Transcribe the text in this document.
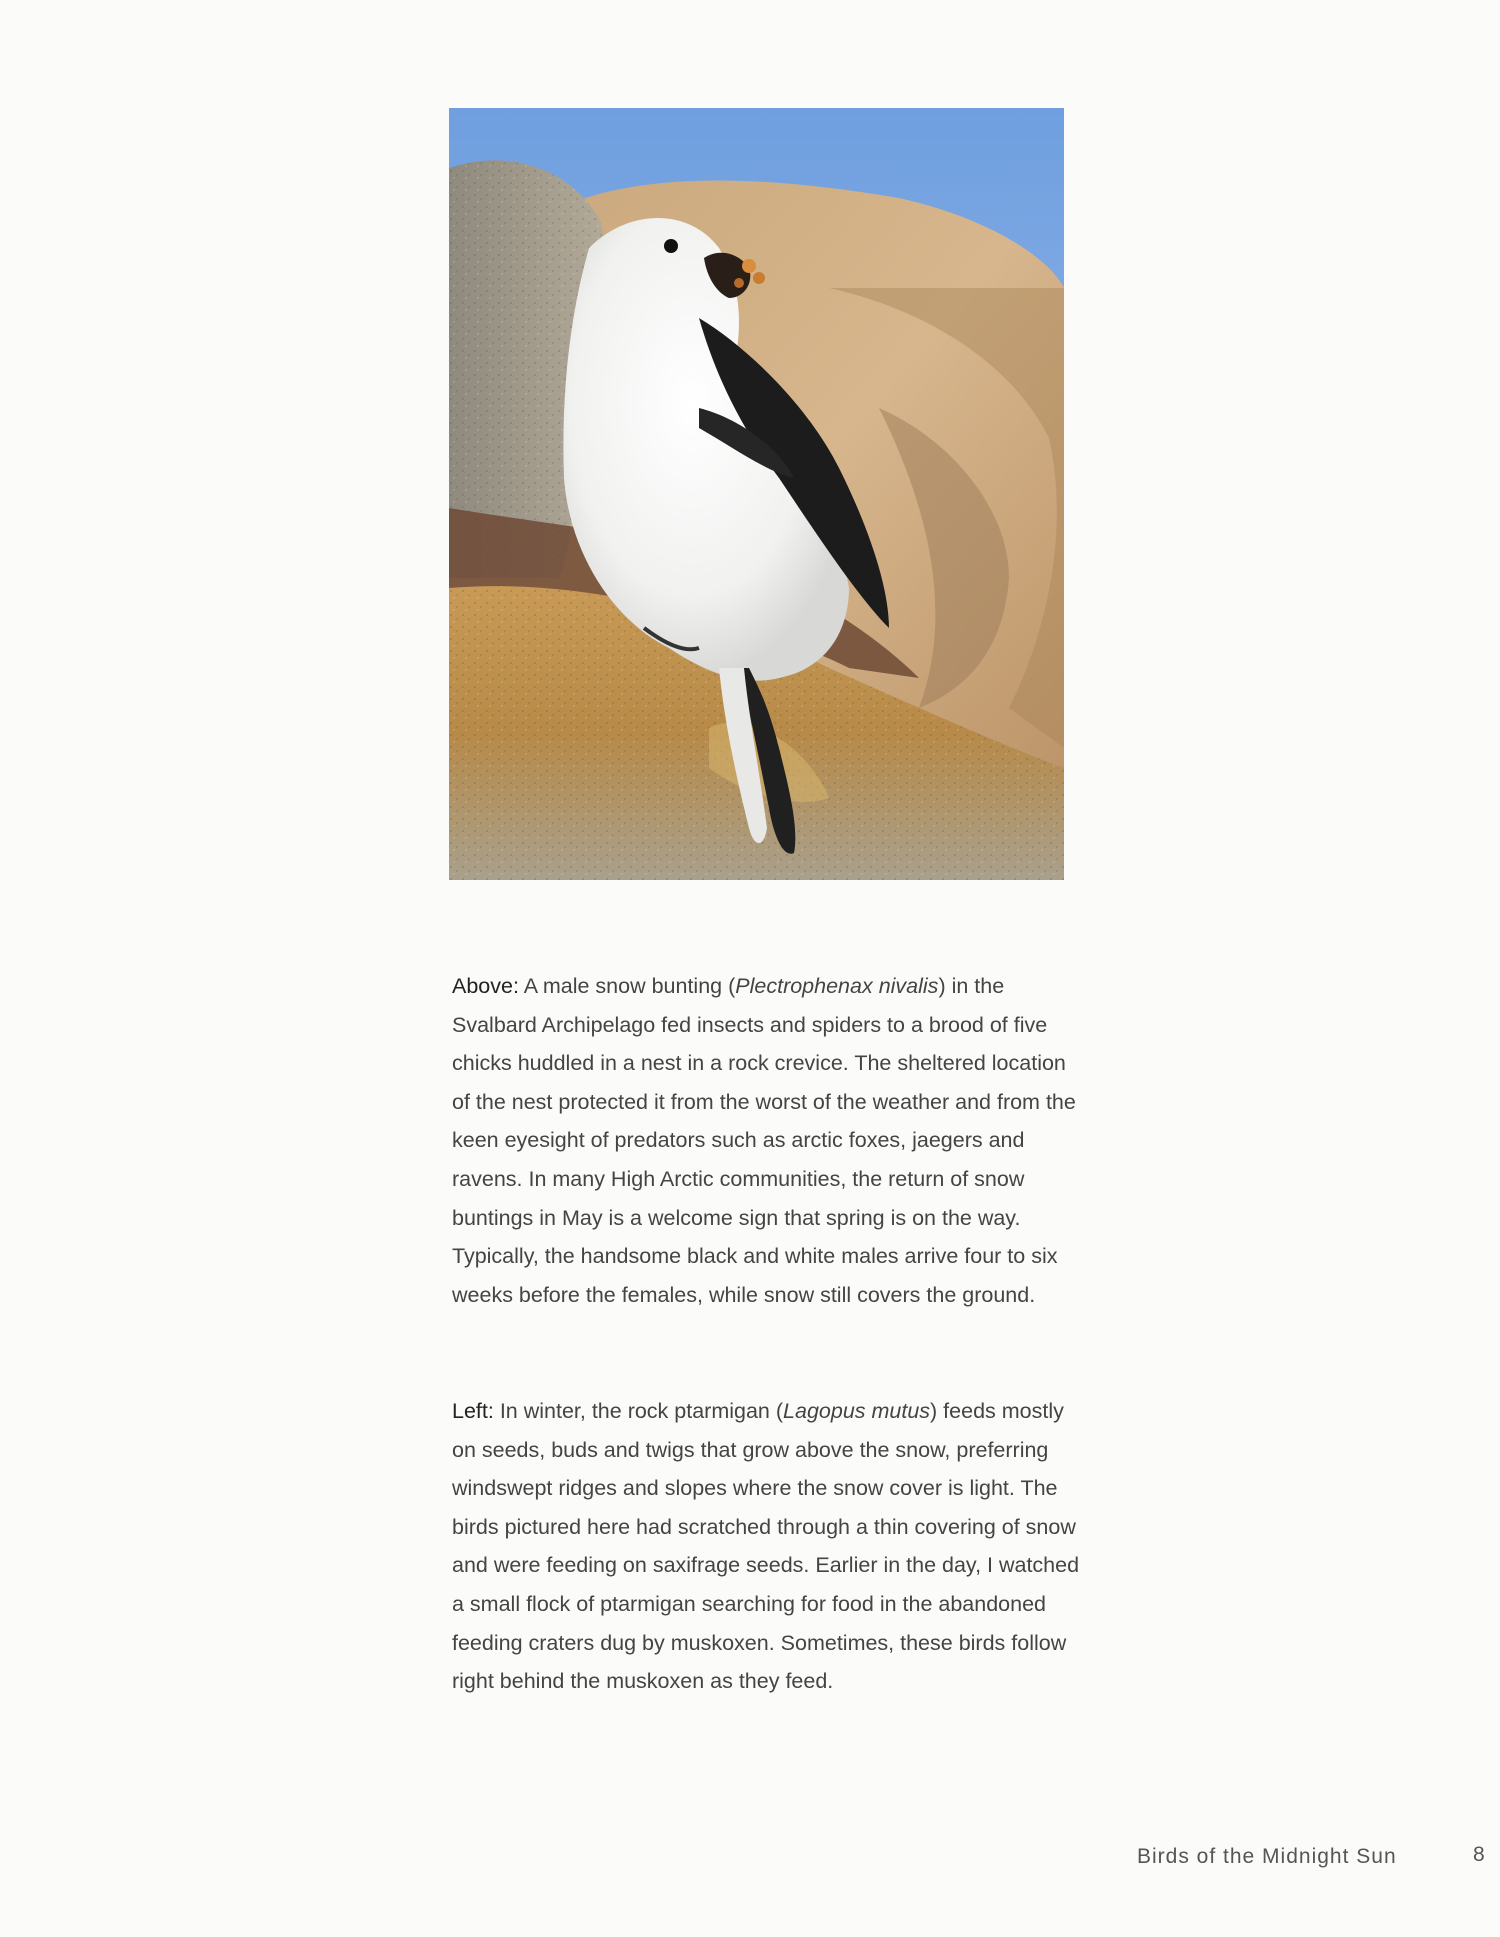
Above: A male snow bunting (Plectrophenax nivalis) in the Svalbard Archipelago fed insects and spiders to a brood of five chicks huddled in a nest in a rock crevice. The sheltered location of the nest protected it from the worst of the weather and from the keen eyesight of predators such as arctic foxes, jaegers and ravens. In many High Arctic communities, the return of snow buntings in May is a welcome sign that spring is on the way. Typically, the handsome black and white males arrive four to six weeks before the females, while snow still covers the ground.

Left: In winter, the rock ptarmigan (Lagopus mutus) feeds mostly on seeds, buds and twigs that grow above the snow, preferring windswept ridges and slopes where the snow cover is light. The birds pictured here had scratched through a thin covering of snow and were feeding on saxifrage seeds. Earlier in the day, I watched a small flock of ptarmigan searching for food in the abandoned feeding craters dug by muskoxen. Sometimes, these birds follow right behind the muskoxen as they feed.

Birds of the Midnight Sun	8
